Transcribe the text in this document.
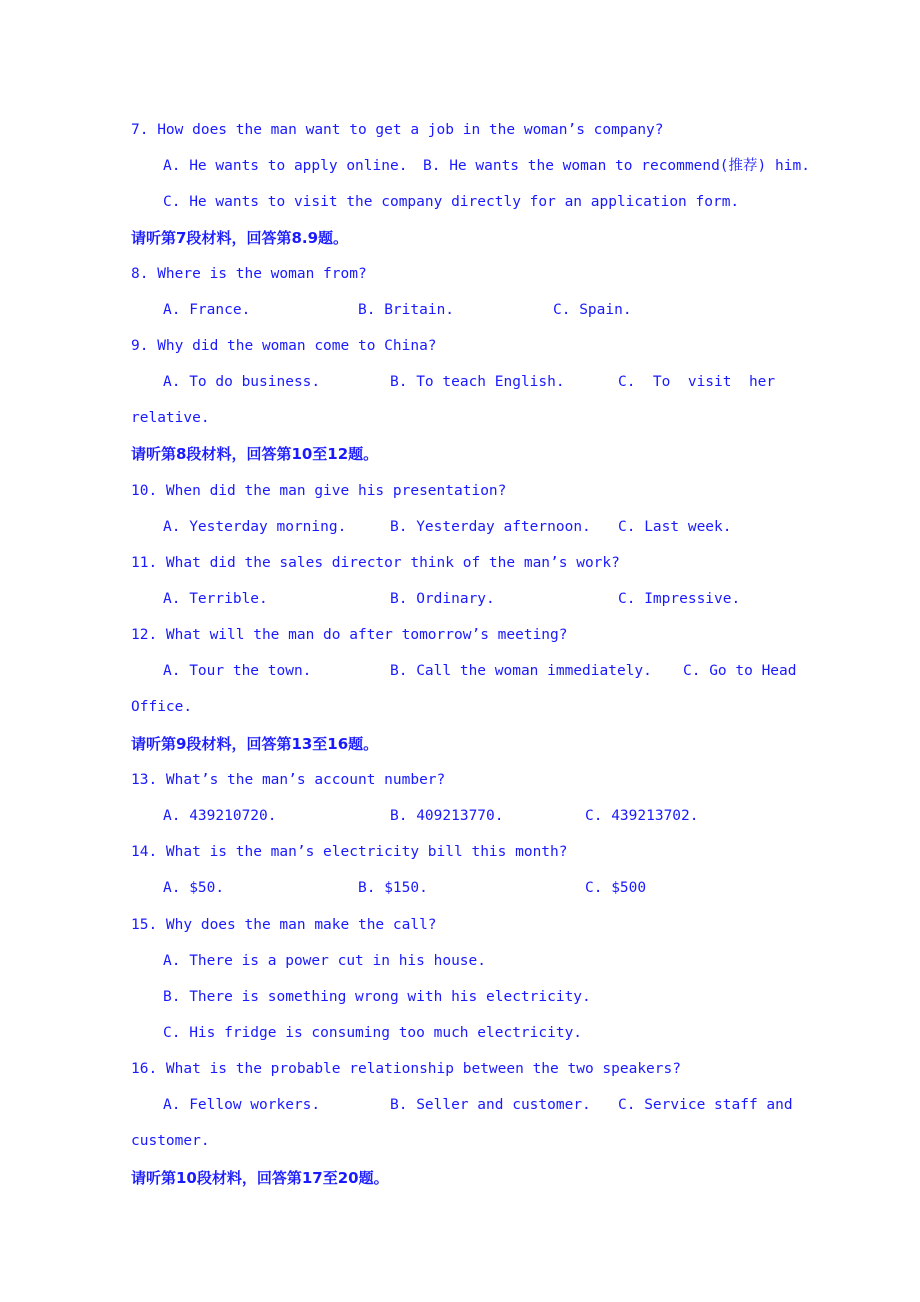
7. How does the man want to get a job in the woman’s company?
A. He wants to apply online. B. He wants the woman to recommend(推荐) him.
C. He wants to visit the company directly for an application form.
请听第7段材料，回答第8.9题。
8. Where is the woman from?
A. France.	B. Britain.	C. Spain.
9. Why did the woman come to China?
A. To do business.	B. To teach English.	C.  To  visit  her
relative.
请听第8段材料，回答第10至12题。
10. When did the man give his presentation?
A. Yesterday morning.	B. Yesterday afternoon. C. Last week.
11. What did the sales director think of the man’s work?
A. Terrible.	B. Ordinary.	C. Impressive.
12. What will the man do after tomorrow’s meeting?
A. Tour the town.	B. Call the woman immediately. C. Go to Head
Office.
请听第9段材料，回答第13至16题。
13. What’s the man’s account number?
A. 439210720.	B. 409213770.	C. 439213702.
14. What is the man’s electricity bill this month?
A. $50.	B. $150.	C. $500
15. Why does the man make the call?
A. There is a power cut in his house.
B. There is something wrong with his electricity.
C. His fridge is consuming too much electricity.
16. What is the probable relationship between the two speakers?
A. Fellow workers.	B. Seller and customer. C. Service staff and
customer.
请听第10段材料，回答第17至20题。
